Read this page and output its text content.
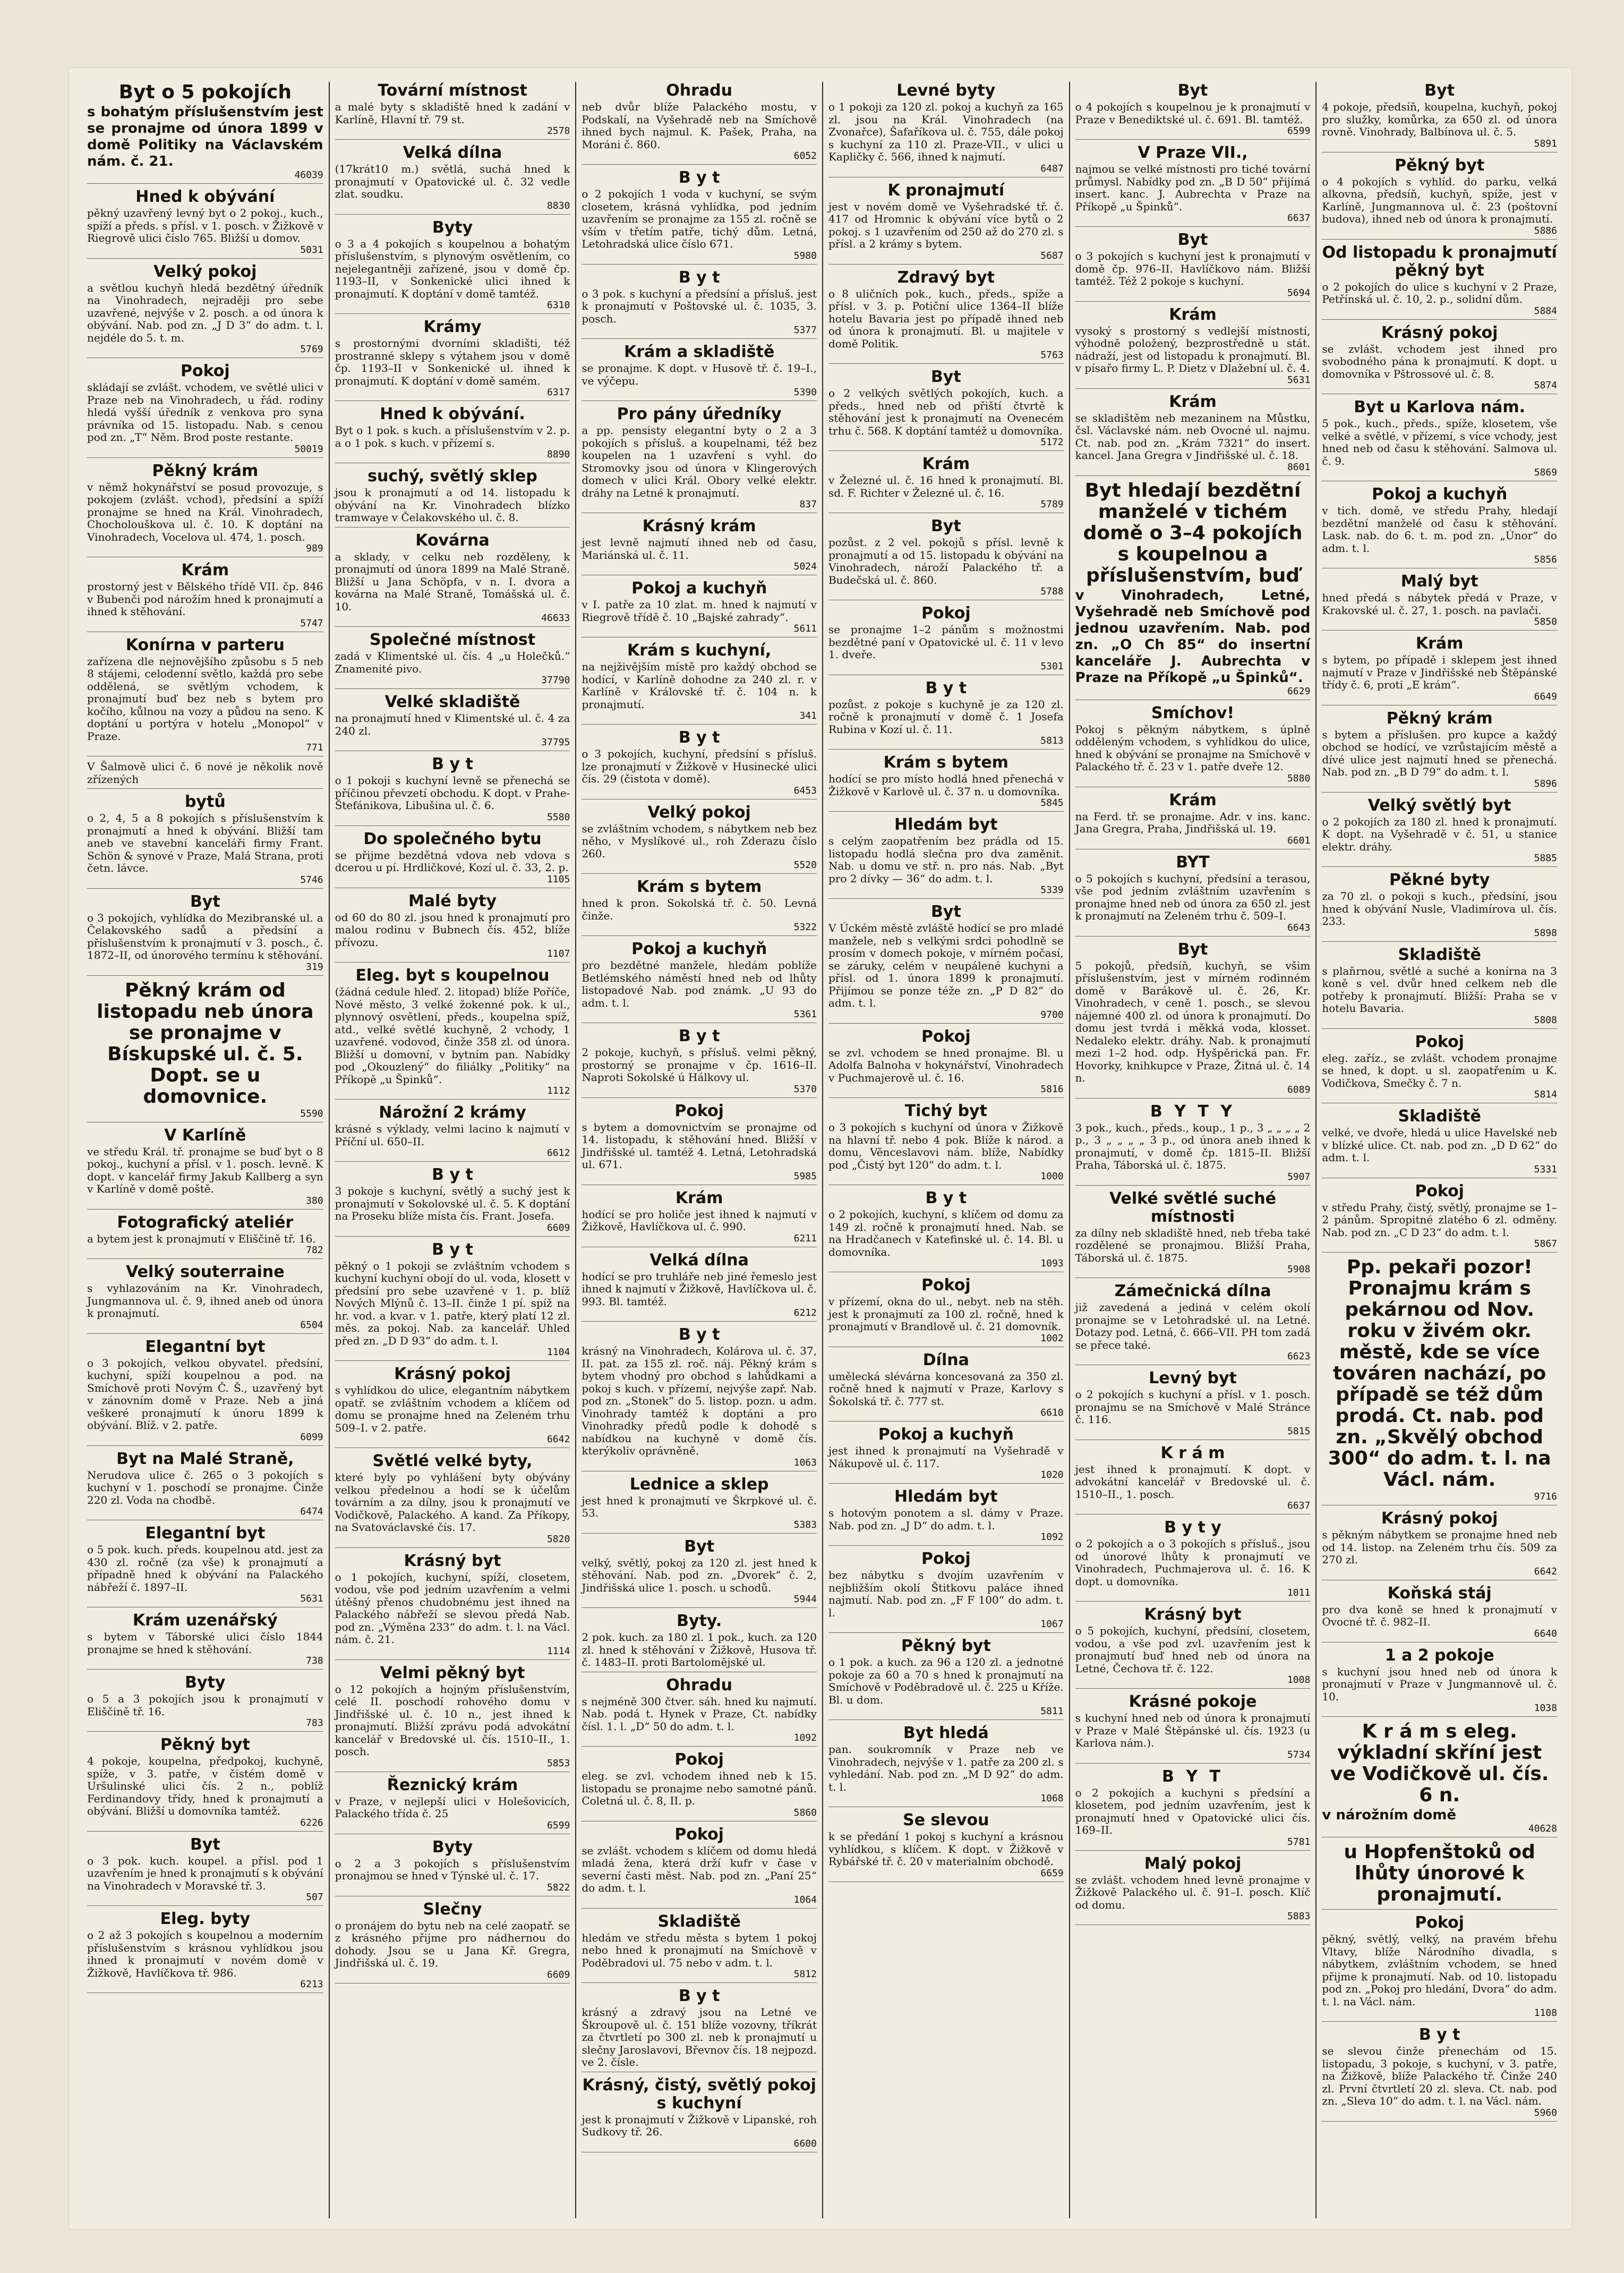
Byt o 5 pokojích

s bohatým příslušenstvím jest se pronajme od února 1899 v domě Politiky na Václavském nám. č. 21.

46039
Hned k obývání

pěkný uzavřený levný byt o 2 pokoj., kuch., spíží a předs. s přísl. v 1. posch. v Žižkově v Riegrově ulici číslo 765. Bližší u domov.

5031
Velký pokoj

a světlou kuchyň hledá bezdětný úředník na Vinohradech, nejraději pro sebe uzavřené, nejvýše v 2. posch. a od února k obývání. Nab. pod zn. „J D 3“ do adm. t. l. nejdéle do 5. t. m.

5769
Pokoj

skládají se zvlášt. vchodem, ve světlé ulici v Praze neb na Vinohradech, u řád. rodiny hledá vyšší úředník z venkova pro syna právníka od 15. listopadu. Nab. s cenou pod zn. „T“ Něm. Brod poste restante.

50019
Pěkný krám

v němž hokynářství se posud provozuje, s pokojem (zvlášt. vchod), předsíní a spíží pronajme se hned na Král. Vinohradech, Chocholouškova ul. č. 10. K doptání na Vinohradech, Vocelova ul. 474, 1. posch.

989
Krám

prostorný jest v Bělského třídě VII. čp. 846 v Bubenči pod nárožím hned k pronajmutí a ihned k stěhování.

5747
Konírna v parteru

zařízena dle nejnovějšího způsobu s 5 neb 8 stájemi, celodenní světlo, každá pro sebe oddělená, se světlým vchodem, k pronajmutí buď bez neb s bytem pro kočího, kůlnou na vozy a půdou na seno. K doptání u portýra v hotelu „Monopol“ v Praze.

771

V Šalmově ulici č. 6 nové je několik nově zřízených

bytů

o 2, 4, 5 a 8 pokojích s příslušenstvím k pronajmutí a hned k obývání. Bližší tam aneb ve stavební kanceláři firmy Frant. Schön & synové v Praze, Malá Strana, proti četn. lávce.

5746
Byt

o 3 pokojích, vyhlídka do Mezibranské ul. a Čelakovského sadů a předsíní a příslušenstvím k pronajmutí v 3. posch., č. 1872–II, od únorového termínu k stěhování.

319
Pěkný krám od listopadu neb února se pronajme v Bískupské ul. č. 5. Dopt. se u domovnice.
5590
V Karlíně

ve středu Král. tř. pronajme se buď byt o 8 pokoj., kuchyní a přísl. v 1. posch. levně. K dopt. v kancelář firmy Jakub Kallberg a syn v Karlíně v domě poště.

380
Fotografický ateliér

a bytem jest k pronajmutí v Eliščině tř. 16.

782
Velký souterraine

s vyhlazováním na Kr. Vinohradech, Jungmannova ul. č. 9, ihned aneb od února k pronajmutí.

6504
Elegantní byt

o 3 pokojích, velkou obyvatel. předsíní, kuchyní, spíží koupelnou a pod. na Smíchově proti Novým Č. Š., uzavřený byt v zánovním domě v Praze. Neb a jiná veškeré pronajmutí k únoru 1899 k obývání. Blíž. v 2. patře.

6099
Byt na Malé Straně,

Nerudova ulice č. 265 o 3 pokojích s kuchyní v 1. poschodí se pronajme. Činže 220 zl. Voda na chodbě.

6474
Elegantní byt

o 5 pok. kuch. předs. koupelnou atd. jest za 430 zl. ročně (za vše) k pronajmutí a případně hned k obývání na Palackého nábřeží č. 1897–II.

5631
Krám uzenářský

s bytem v Táborské ulici číslo 1844 pronajme se hned k stěhování.

738
Byty

o 5 a 3 pokojích jsou k pronajmutí v Eliščině tř. 16.

783
Pěkný byt

4 pokoje, koupelna, předpokoj, kuchyně, spíže, v 3. patře, v čistém domě v Uršulinské ulici čís. 2 n., poblíž Ferdinandovy třídy, hned k pronajmutí a obývání. Bližší u domovníka tamtéž.

6226
Byt

o 3 pok. kuch. koupel. a přísl. pod 1 uzavřením je hned k pronajmutí s k obývání na Vinohradech v Moravské tř. 3.

507
Eleg. byty

o 2 až 3 pokojích s koupelnou a moderním příslušenstvím s krásnou vyhlídkou jsou ihned k pronajmutí v novém domě v Žižkově, Havlíčkova tř. 986.

6213
Tovární místnost

a malé byty s skladiště hned k zadání v Karlíně, Hlavní tř. 79 st.

2578
Velká dílna

(17krát10 m.) světlá, suchá hned k pronajmutí v Opatovické ul. č. 32 vedle zlat. soudku.

8830
Byty

o 3 a 4 pokojích s koupelnou a bohatým příslušenstvím, s plynovým osvětlením, co nejelegantněji zařízené, jsou v domě čp. 1193–II, v Sonkenické ulici ihned k pronajmutí. K doptání v domě tamtéž.

6310
Krámy

s prostornými dvorními skladišti, též prostranné sklepy s výtahem jsou v domě čp. 1193–II v Sonkenické ul. ihned k pronajmutí. K doptání v domě samém.

6317
Hned k obývání.

Byt o 1 pok. s kuch. a příslušenstvím v 2. p. a o 1 pok. s kuch. v přízemí s.

8890
suchý, světlý sklep

jsou k pronajmutí a od 14. listopadu k obývání na Kr. Vinohradech blízko tramwaye v Čelakovského ul. č. 8.

Kovárna

a sklady, v celku neb rozděleny, k pronajmutí od února 1899 na Malé Straně. Bližší u Jana Schöpfa, v n. I. dvora a kovárna na Malé Straně, Tomášská ul. č. 10.

46633
Společné místnost

zadá v Klimentské ul. čís. 4 „u Holečků.“ Znamenité pivo.

37790
Velké skladiště

na pronajmutí hned v Klimentské ul. č. 4 za 240 zl.

37795
B y t

o 1 pokoji s kuchyní levně se přenechá se příčinou převzetí obchodu. K dopt. v Prahe-Štefánikova, Libušina ul. č. 6.

5580
Do společného bytu

se přijme bezdětná vdova neb vdova s dcerou u pí. Hrdličkové, Kozí ul. č. 33, 2. p.

1105
Malé byty

od 60 do 80 zl. jsou hned k pronajmutí pro malou rodinu v Bubnech čís. 452, blíže přívozu.

1107
Eleg. byt s koupelnou

(žádná cedule hleď. 2. litopad) blíže Poříče, Nové město, 3 velké žokenné pok. k ul., plynnový osvětlení, předs., koupelna spíž, atd., velké světlé kuchyně, 2 vchody, 1 uzavřené. vodovod, činže 358 zl. od února. Bližší u domovní, v bytním pan. Nabídky pod „Okouzlený“ do filiálky „Politiky“ na Příkopě „u Špinků“.

1112
Nárožní 2 krámy

krásné s výklady, velmi lacino k najmutí v Příční ul. 650–II.

6612
B y t

3 pokoje s kuchyní, světlý a suchý jest k pronajmutí v Sokolovské ul. č. 5. K doptání na Proseku blíže místa čís. Frant. Josefa.

6609
B y t

pěkný o 1 pokoji se zvláštním vchodem s kuchyní kuchyní obojí do ul. voda, klosett v předsíní pro sebe uzavřené v 1. p. blíž Nových Mlýnů č. 13–II. činže 1 pí. spíž na hr. vod. a kvar. v 1. patře, který platí 12 zl. měs. za pokoj. Nab. za kancelář. Uhled před zn. „D D 93“ do adm. t. l.

1104
Krásný pokoj

s vyhlídkou do ulice, elegantním nábytkem opatř. se zvláštním vchodem a klíčem od domu se pronajme hned na Zeleném trhu 509–I. v 2. patře.

6642
Světlé velké byty,

které byly po vyhlášení byty obývány velkou předelnou a hodí se k účelům továrním a za dílny, jsou k pronajmutí ve Vodičkově, Palackého. A kand. Za Příkopy, na Svatováclavské čís. 17.

5820
Krásný byt

o 1 pokojích, kuchyní, spíží, closetem, vodou, vše pod jedním uzavřením a velmi útěšný přenos chudobnému jest ihned na Palackého nábřeží se slevou předá Nab. pod zn. „Výměna 233“ do adm. t. l. na Václ. nám. č. 21.

1114
Velmi pěkný byt

o 12 pokojích a hojným příslušenstvím, celé II. poschodí rohového domu v Jindřišské ul. č. 10 n., jest ihned k pronajmutí. Bližší zprávu podá advokátní kancelář v Bredovské ul. čís. 1510–II., 1. posch.

5853
Řeznický krám

v Praze, v nejlepší ulici v Holešovicích, Palackého třída č. 25

6599
Byty

o 2 a 3 pokojích s příslušenstvím pronajmou se hned v Týnské ul. č. 17.

5822
Slečny

o pronájem do bytu neb na celé zaopatř. se z krásného přijme pro nádhernou do dohody. Jsou se u Jana Kř. Gregra, Jindřišská ul. č. 19.

6609
Ohradu

neb dvůr blíže Palackého mostu, v Podskalí, na Vyšehradě neb na Smíchově ihned bych najmul. K. Pašek, Praha, na Moráni č. 860.

6052
B y t

o 2 pokojích 1 voda v kuchyní, se svým closetem, krásná vyhlídka, pod jedním uzavřením se pronajme za 155 zl. ročně se vším v třetím patře, tichý dům. Letná, Letohradská ulice číslo 671.

5980
B y t

o 3 pok. s kuchyní a předsíní a přísluš. jest k pronajmutí v Poštovské ul. č. 1035, 3. posch.

5377
Krám a skladiště

se pronajme. K dopt. v Husově tř. č. 19–I., ve výčepu.

5390
Pro pány úředníky

a pp. pensisty elegantní byty o 2 a 3 pokojích s přísluš. a koupelnami, též bez koupelen na 1 uzavření s vyhl. do Stromovky jsou od února v Klingerových domech v ulici Král. Obory velké elektr. dráhy na Letné k pronajmutí.

837
Krásný krám

jest levně najmutí ihned neb od času, Mariánská ul. č. 11.

5024
Pokoj a kuchyň

v I. patře za 10 zlat. m. hned k najmutí v Riegrově třídě č. 10 „Bajské zahrady“.

5611
Krám s kuchyní,

na nejživějším místě pro každý obchod se hodící, v Karlíně dohodne za 240 zl. r. v Karlíně v Královské tř. č. 104 n. k pronajmutí.

341
B y t

o 3 pokojích, kuchyní, předsíní s přísluš. lze pronajmutí v Žižkově v Husinecké ulici čís. 29 (čistota v domě).

6453
Velký pokoj

se zvláštním vchodem, s nábytkem neb bez něho, v Myslíkové ul., roh Zderazu číslo 260.

5520
Krám s bytem

hned k pron. Sokolská tř. č. 50. Levná činže.

5322
Pokoj a kuchyň

pro bezdětné manžele, hledám poblíže Betlémského náměstí hned neb od lhůty listopadové Nab. pod známk. „U 93 do adm. t. l.

5361
B y t

2 pokoje, kuchyň, s přísluš. velmi pěkný, prostorný se pronajme v čp. 1616–II. Naproti Sokolské ú Hálkovy ul.

5370
Pokoj

s bytem a domovnictvím se pronajme od 14. listopadu, k stěhování hned. Bližší v Jindřišské ul. tamtéž 4. Letná, Letohradská ul. 671.

5985
Krám

hodící se pro holiče jest ihned k najmutí v Žižkově, Havlíčkova ul. č. 990.

6211
Velká dílna

hodící se pro truhláře neb jiné řemeslo jest ihned k najmutí v Žižkově, Havlíčkova ul. č. 993. Bl. tamtéž.

6212
B y t

krásný na Vinohradech, Kolárova ul. č. 37, II. pat. za 155 zl. roč. náj. Pěkný krám s bytem vhodný pro obchod s lahůdkami a pokoj s kuch. v přízemí, nejvýše zapř. Nab. pod zn. „Stonek“ do 5. listop. pozn. u adm. Vinohrady tamtéž k doptáni a pro Vinohradky předů podle k dohodě s nabídkou na kuchyně v domě čís. kterýkoliv oprávněně.

1063
Lednice a sklep

jest hned k pronajmutí ve Škrpkové ul. č. 53.

5383
Byt

velký, světlý, pokoj za 120 zl. jest hned k stěhování. Nab. pod zn. „Dvorek“ č. 2, Jindřišská ulice 1. posch. u schodů.

5944
Byty.

2 pok. kuch. za 180 zl. 1 pok., kuch. za 120 zl. hned k stěhování v Žižkově, Husova tř. č. 1483–II. proti Bartolomějské ul.

Ohradu

s nejméně 300 čtver. sáh. hned ku najmutí. Nab. podá t. Hynek v Praze, Ct. nabídky čísl. 1. l. „D“ 50 do adm. t. l.

1092
Pokoj

eleg. se zvl. vchodem ihned neb k 15. listopadu se pronajme nebo samotné pánů. Coletná ul. č. 8, II. p.

5860
Pokoj

se zvlášt. vchodem s klíčem od domu hledá mladá žena, která drží kufr v čase v severní časti měst. Nab. pod zn. „Paní 25“ do adm. t. l.

1064
Skladiště

hledám ve středu města s bytem 1 pokoj nebo hned k pronajmutí na Smíchově v Poděbradovi ul. 75 nebo v adm. t. l.

5812
B y t

krásný a zdravý jsou na Letné ve Škroupově ul. č. 151 blíže vozovny, tříkrát za čtvrtletí po 300 zl. neb k pronajmutí u slečny Jaroslavovi, Břevnov čís. 18 nejpozd. ve 2. čísle.

Krásný, čistý, světlý pokoj s kuchyní

jest k pronajmutí v Žižkově v Lipanské, roh Sudkovy tř. 26.

6600
Levné byty

o 1 pokoji za 120 zl. pokoj a kuchyň za 165 zl. jsou na Král. Vinohradech (na Zvonařce), Šafaříkova ul. č. 755, dále pokoj s kuchyní za 110 zl. Praze-VII., v ulici u Kapličky č. 566, ihned k najmutí.

6487
K pronajmutí

jest v novém domě ve Vyšehradské tř. č. 417 od Hromnic k obývání více bytů o 2 pokoj. s 1 uzavřením od 250 až do 270 zl. s přísl. a 2 krámy s bytem.

5687
Zdravý byt

o 8 uličních pok., kuch., předs., spíže a přísl. v 3. p. Potiční ulice 1364–II blíže hotelu Bavaria jest po případě ihned neb od února k pronajmutí. Bl. u majitele v domě Politik.

5763
Byt

o 2 velkých světlých pokojích, kuch. a předs., hned neb od přiští čtvrtě k stěhování jest k pronajmutí na Ovenecém trhu č. 568. K doptání tamtéž u domovníka.

5172
Krám

v Železné ul. č. 16 hned k pronajmutí. Bl. sd. F. Richter v Železné ul. č. 16.

5789
Byt

pozůst. z 2 vel. pokojů s přísl. levně k pronajmutí a od 15. listopadu k obývání na Vinohradech, nároží Palackého tř. a Budečská ul. č. 860.

5788
Pokoj

se pronajme 1–2 pánům s možnostmi bezdětné paní v Opatovické ul. č. 11 v levo 1. dveře.

5301
B y t

pozůst. z pokoje s kuchyně je za 120 zl. ročně k pronajmutí v domě č. 1 Josefa Rubina v Kozí ul. č. 11.

5813
Krám s bytem

hodící se pro místo hodlá hned přenechá v Žižkově v Karlově ul. č. 37 n. u domovníka.

5845
Hledám byt

s celým zaopatřením bez prádla od 15. listopadu hodlá slečna pro dva zaměnit. Nab. u domu ve stř. n. pro nás. Nab. „Byt pro 2 dívky — 36“ do adm. t. l.

5339
Byt

V Úckém městě zvláště hodící se pro mladé manžele, neb s velkými srdci pohodlně se prosím v domech pokoje, v mírném počasí, se záruky, celém v neupálené kuchyni a přísl. od 1. února 1899 k pronajmutí. Přijímou se ponze téže zn. „P D 82“ do adm. t. l.

9700
Pokoj

se zvl. vchodem se hned pronajme. Bl. u Adolfa Balnoha v hokynářství, Vinohradech v Puchmajerově ul. č. 16.

5816
Tichý byt

o 3 pokojích s kuchyní od února v Žižkově na hlavní tř. nebo 4 pok. Blíže k národ. a domu, Věnceslavovi nám. blíže, Nabídky pod „Čistý byt 120“ do adm. t. l.

1000
B y t

o 2 pokojích, kuchyní, s klíčem od domu za 149 zl. ročně k pronajmutí hned. Nab. se na Hradčanech v Katefinské ul. č. 14. Bl. u domovníka.

1093
Pokoj

v přízemí, okna do ul., nebyt. neb na stěh. jest k pronajmutí za 100 zl. ročně, hned k pronajmutí v Brandlově ul. č. 21 domovník.

1002
Dílna

umělecká slévárna koncesovaná za 350 zl. ročně hned k najmutí v Praze, Karlovy s Šokolská tř. č. 777 st.

6610
Pokoj a kuchyň

jest ihned k pronajmutí na Vyšehradě v Nákupově ul. č. 117.

1020
Hledám byt

s hotovým ponotem a sl. dámy v Praze. Nab. pod zn. „J D“ do adm. t. l.

1092
Pokoj

bez nábytku s dvojím uzavřením v nejbližším okolí Štitkovu paláce ihned najmutí. Nab. pod zn. „F F 100“ do adm. t. l.

1067
Pěkný byt

o 1 pok. a kuch. za 96 a 120 zl. a jednotné pokoje za 60 a 70 s hned k pronajmutí na Smíchově v Poděbradově ul. č. 225 u Kříže. Bl. u dom.

5811
Byt hledá

pan. soukromník v Praze neb ve Vinohradech, nejvýše v 1. patře za 200 zl. s vyhledání. Nab. pod zn. „M D 92“ do adm. t. l.

1068
Se slevou

k se předání 1 pokoj s kuchyní a krásnou vyhlídkou, s klíčem. K dopt. v Žižkově v Rybářské tř. č. 20 v materialním obchodě.

6659
Byt

o 4 pokojích s koupelnou je k pronajmutí v Praze v Benediktské ul. č. 691. Bl. tamtéž.

6599
V Praze VII.,

najmou se velké místnosti pro tiché tovární průmysl. Nabídky pod zn. „B D 50“ přijímá insert. kanc. J. Aubrechta v Praze na Příkopě „u Špinků“.

6637
Byt

o 3 pokojích s kuchyní jest k pronajmutí v domě čp. 976–II. Havlíčkovo nám. Bližší tamtéž. Též 2 pokoje s kuchyní.

5694
Krám

vysoký s prostorný s vedlejší místností, výhodně položený, bezprostředně u stát. nádraží, jest od listopadu k pronajmutí. Bl. v písařo firmy L. P. Dietz v Dlažební ul. č. 4.

5631
Krám

se skladištěm neb mezaninem na Můstku, čsl. Václavské nám. neb Ovocné ul. najmu. Ct. nab. pod zn. „Krám 7321“ do insert. kancel. Jana Gregra v Jindřišské ul. č. 18.

8601
Byt hledají bezdětní manželé v tichém domě o 3–4 pokojích s koupelnou a příslušenstvím, buď

v Vinohradech, Letné, Vyšehradě neb Smíchově pod jednou uzavřením. Nab. pod zn. „O Ch 85“ do insertní kanceláře J. Aubrechta v Praze na Příkopě „u Špinků“.

6629
Smíchov!

Pokoj s pěkným nábytkem, s úplně odděleným vchodem, s vyhlídkou do ulice, hned k obývání se pronajme na Smíchově v Palackého tř. č. 23 v 1. patře dveře 12.

5880
Krám

na Ferd. tř. se pronajme. Adr. v ins. kanc. Jana Gregra, Praha, Jindřišská ul. 19.

6601
BYT

o 5 pokojích s kuchyní, předsíní a terasou, vše pod jedním zvláštním uzavřením s pronajme hned neb od února za 650 zl. jest k pronajmutí na Zeleném trhu č. 509–I.

6643
Byt

5 pokojů, předsíň, kuchyň, se všim příslušenstvím, jest v mírném rodinném domě v Barákově ul. č. 26, Kr. Vinohradech, v ceně 1. posch., se slevou nájemné 400 zl. od února k pronajmutí. Do domu jest tvrdá i měkká voda, klosset. Nedaleko elektr. dráhy. Nab. k pronajmutí mezi 1–2 hod. odp. Hyšpěrická pan. Fr. Hovorky, knihkupce v Praze, Žitná ul. č. 14 n.

6089
B Y T Y

3 pok., kuch., předs., koup., 1 p., 3 „ „ „ „ 2 p., 3 „ „ „ „ 3 p., od února aneb ihned k pronajmutí, v domě čp. 1815–II. Bližší Praha, Táborská ul. č. 1875.

5907
Velké světlé suché místnosti

za dílny neb skladiště hned, neb třeba také rozdělené se pronajmou. Bližší Praha, Táborská ul. č. 1875.

5908
Zámečnická dílna

již zavedená a jediná v celém okolí pronajme se v Letohradské ul. na Letné. Dotazy pod. Letná, č. 666–VII. PH tom zadá se přece také.

6623
Levný byt

o 2 pokojích s kuchyní a přísl. v 1. posch. pronajmu se na Smíchově v Malé Stránce č. 116.

5815
K r á m

jest ihned k pronajmutí. K dopt. v advokátní kancelář v Bredovské ul. č. 1510–II., 1. posch.

6637
B y t y

o 2 pokojích a o 3 pokojích s přísluš., jsou od únorové lhůty k pronajmutí ve Vinohradech, Puchmajerova ul. č. 16. K dopt. u domovníka.

1011
Krásný byt

o 5 pokojích, kuchyní, předsíní, closetem, vodou, a vše pod zvl. uzavřením jest k pronajmutí buď hned neb od února na Letné, Čechova tř. č. 122.

1008
Krásné pokoje

s kuchyní hned neb od února k pronajmutí v Praze v Malé Štěpánské ul. čís. 1923 (u Karlova nám.).

5734
B Y T

o 2 pokojích a kuchyni s předsíní a klosetem, pod jedním uzavřením, jest k pronajmutí hned v Opatovické ulici čís. 169–II.

5781
Malý pokoj

se zvlášt. vchodem hned levně pronajme v Žižkově Palackého ul. č. 91–I. posch. Klíč od domu.

5883
Byt

4 pokoje, předsíň, koupelna, kuchyň, pokoj pro služky, komůrka, za 650 zl. od února rovně. Vinohrady, Balbínova ul. č. 5.

5891
Pěkný byt

o 4 pokojích s vyhlíd. do parku, velká alkovna, předsíň, kuchyň, spíže, jest v Karlíně, Jungmannova ul. č. 23 (poštovní budova), ihned neb od února k pronajmutí.

5886
Od listopadu k pronajmutí pěkný byt

o 2 pokojích do ulice s kuchyní v 2 Praze, Petřínská ul. č. 10, 2. p., solidní dům.

5884
Krásný pokoj

se zvlášt. vchodem jest ihned pro svobodného pána k pronajmutí. K dopt. u domovníka v Pštrossové ul. č. 8.

5874
Byt u Karlova nám.

5 pok., kuch., předs., spíže, klosetem, vše velké a světlé, v přízemí, s více vchody, jest hned neb od času k stěhování. Salmova ul. č. 9.

5869
Pokoj a kuchyň

v tich. domě, ve středu Prahy, hledají bezdětní manželé od času k stěhování. Lask. nab. do 6. t. m. pod zn. „Únor“ do adm. t. l.

5856
Malý byt

hned předá s nábytek předá v Praze, v Krakovské ul. č. 27, 1. posch. na pavlači.

5850
Krám

s bytem, po případě i sklepem jest ihned najmutí v Praze v Jindřišské neb Štěpánské třídy č. 6, proti „E krám“.

6649
Pěkný krám

s bytem a příslušen. pro kupce a každý obchod se hodící, ve vzrůstajícím městě a dívé ulice jest najmutí hned se přenechá. Nab. pod zn. „B D 79“ do adm. t. l.

5896
Velký světlý byt

o 2 pokojích za 180 zl. hned k pronajmutí. K dopt. na Vyšehradě v č. 51, u stanice elektr. dráhy.

5885
Pěkné byty

za 70 zl. o pokoji s kuch., předsíní, jsou hned k obývání Nusle, Vladimírova ul. čís. 233.

5898
Skladiště

s plaňrnou, světlé a suché a konírna na 3 koně s vel. dvůr hned celkem neb dle potřeby k pronajmutí. Bližší: Praha se v hotelu Bavaria.

5808
Pokoj

eleg. zaříz., se zvlášt. vchodem pronajme se hned, k dopt. u sl. zaopatřením u K. Vodičkova, Smečky č. 7 n.

5814
Skladiště

velké, ve dvoře, hledá u ulice Havelské neb v blízké ulice. Ct. nab. pod zn. „D D 62“ do adm. t. l.

5331
Pokoj

v středu Prahy, čistý, světlý, pronajme se 1–2 pánům. Spropitné zlatého 6 zl. odměny. Nab. pod zn. „C D 23“ do adm. t. l.

5867
Pp. pekaři pozor! Pronajmu krám s pekárnou od Nov. roku v živém okr. městě, kde se více továren nachází, po případě se též dům prodá. Ct. nab. pod zn. „Skvělý obchod 300“ do adm. t. l. na Václ. nám.
9716
Krásný pokoj

s pěkným nábytkem se pronajme hned neb od 14. listop. na Zeleném trhu čís. 509 za 270 zl.

6642
Koňská stáj

pro dva koně se hned k pronajmutí v Ovocné tř. č. 982–II.

6640
1 a 2 pokoje

s kuchyní jsou hned neb od února k pronajmutí v Praze v Jungmannově ul. č. 10.

1038
K r á m s eleg. výkladní skříní jest ve Vodičkově ul. čís. 6 n.

v nárožním domě

40628
u Hopfenštoků od lhůty únorové k pronajmutí.
Pokoj

pěkný, světlý, velký, na pravém břehu Vltavy, blíže Národního divadla, s nábytkem, zvláštním vchodem, se hned přijme k pronajmutí. Nab. od 10. listopadu pod zn. „Pokoj pro hledání, Dvora“ do adm. t. l. na Václ. nám.

1108
B y t

se slevou činže přenechám od 15. listopadu, 3 pokoje, s kuchyní, v 3. patře, na Žižkově, blíže Palackého tř. Činže 240 zl. První čtvrtletí 20 zl. sleva. Ct. nab. pod zn. „Sleva 10“ do adm. t. l. na Václ. nám.

5960
